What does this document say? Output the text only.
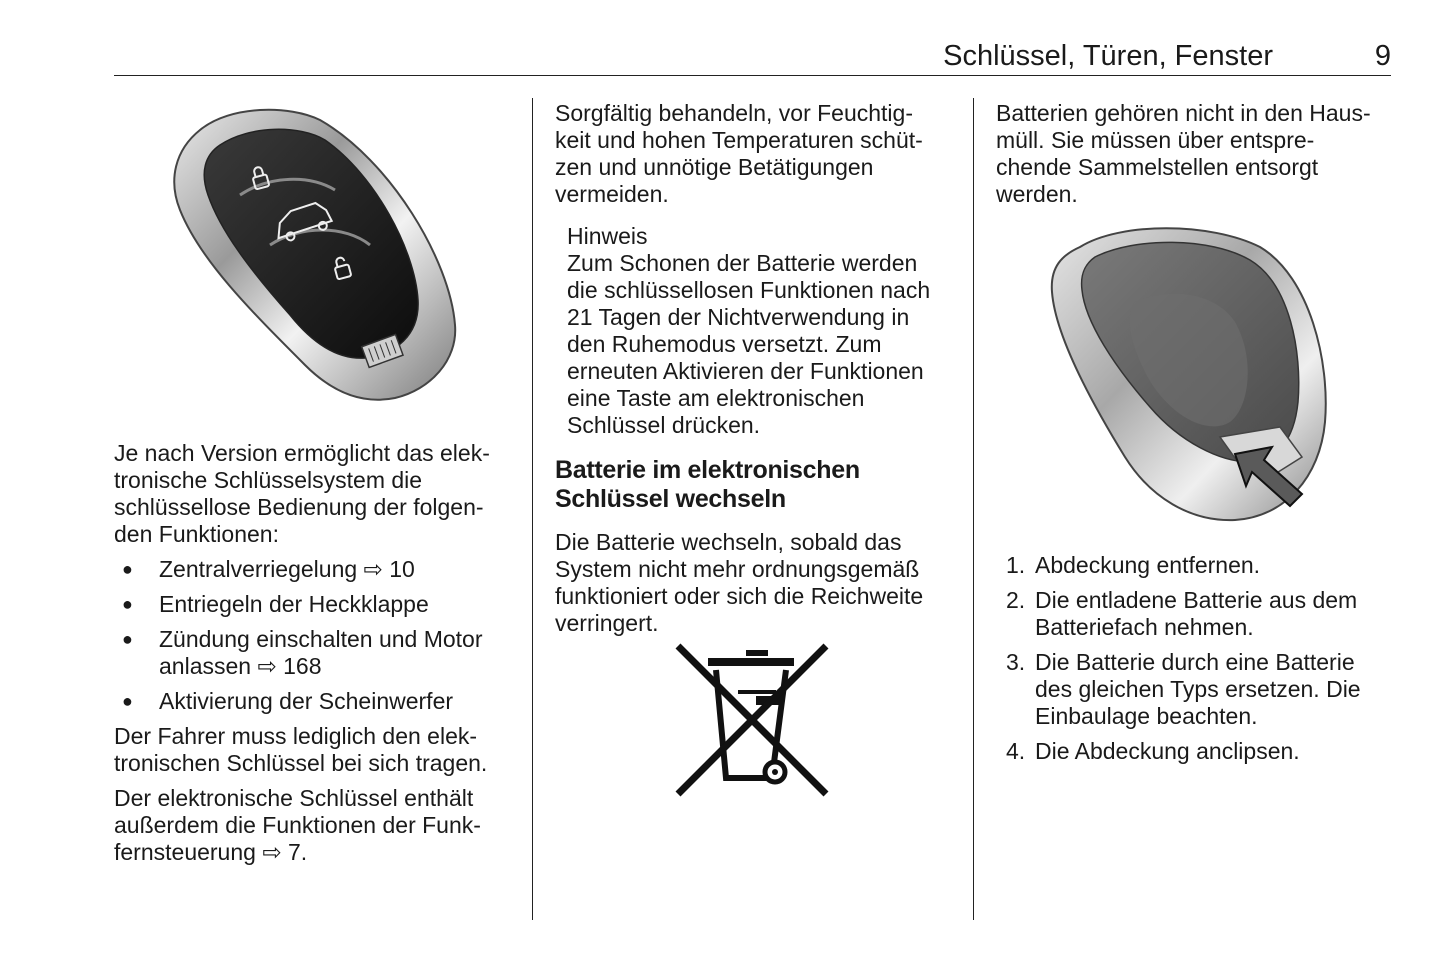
Schlüssel, Türen, Fenster	9

Je nach Version ermöglicht das elek-
tronische Schlüsselsystem die
schlüssellose Bedienung der folgen-
den Funktionen:

● Zentralverriegelung ⇨ 10
● Entriegeln der Heckklappe
● Zündung einschalten und Motor
anlassen ⇨ 168
● Aktivierung der Scheinwerfer

Der Fahrer muss lediglich den elek-
tronischen Schlüssel bei sich tragen.

Der elektronische Schlüssel enthält
außerdem die Funktionen der Funk-
fernsteuerung ⇨ 7.

Sorgfältig behandeln, vor Feuchtig-
keit und hohen Temperaturen schüt-
zen und unnötige Betätigungen
vermeiden.

Hinweis
Zum Schonen der Batterie werden
die schlüssellosen Funktionen nach
21 Tagen der Nichtverwendung in
den Ruhemodus versetzt. Zum
erneuten Aktivieren der Funktionen
eine Taste am elektronischen
Schlüssel drücken.
Batterie im elektronischen
Schlüssel wechseln

Die Batterie wechseln, sobald das
System nicht mehr ordnungsgemäß
funktioniert oder sich die Reichweite
verringert.

Batterien gehören nicht in den Haus-
müll. Sie müssen über entspre-
chende Sammelstellen entsorgt
werden.

1. Abdeckung entfernen.
2. Die entladene Batterie aus dem
Batteriefach nehmen.
3. Die Batterie durch eine Batterie
des gleichen Typs ersetzen. Die
Einbaulage beachten.
4. Die Abdeckung anclipsen.
